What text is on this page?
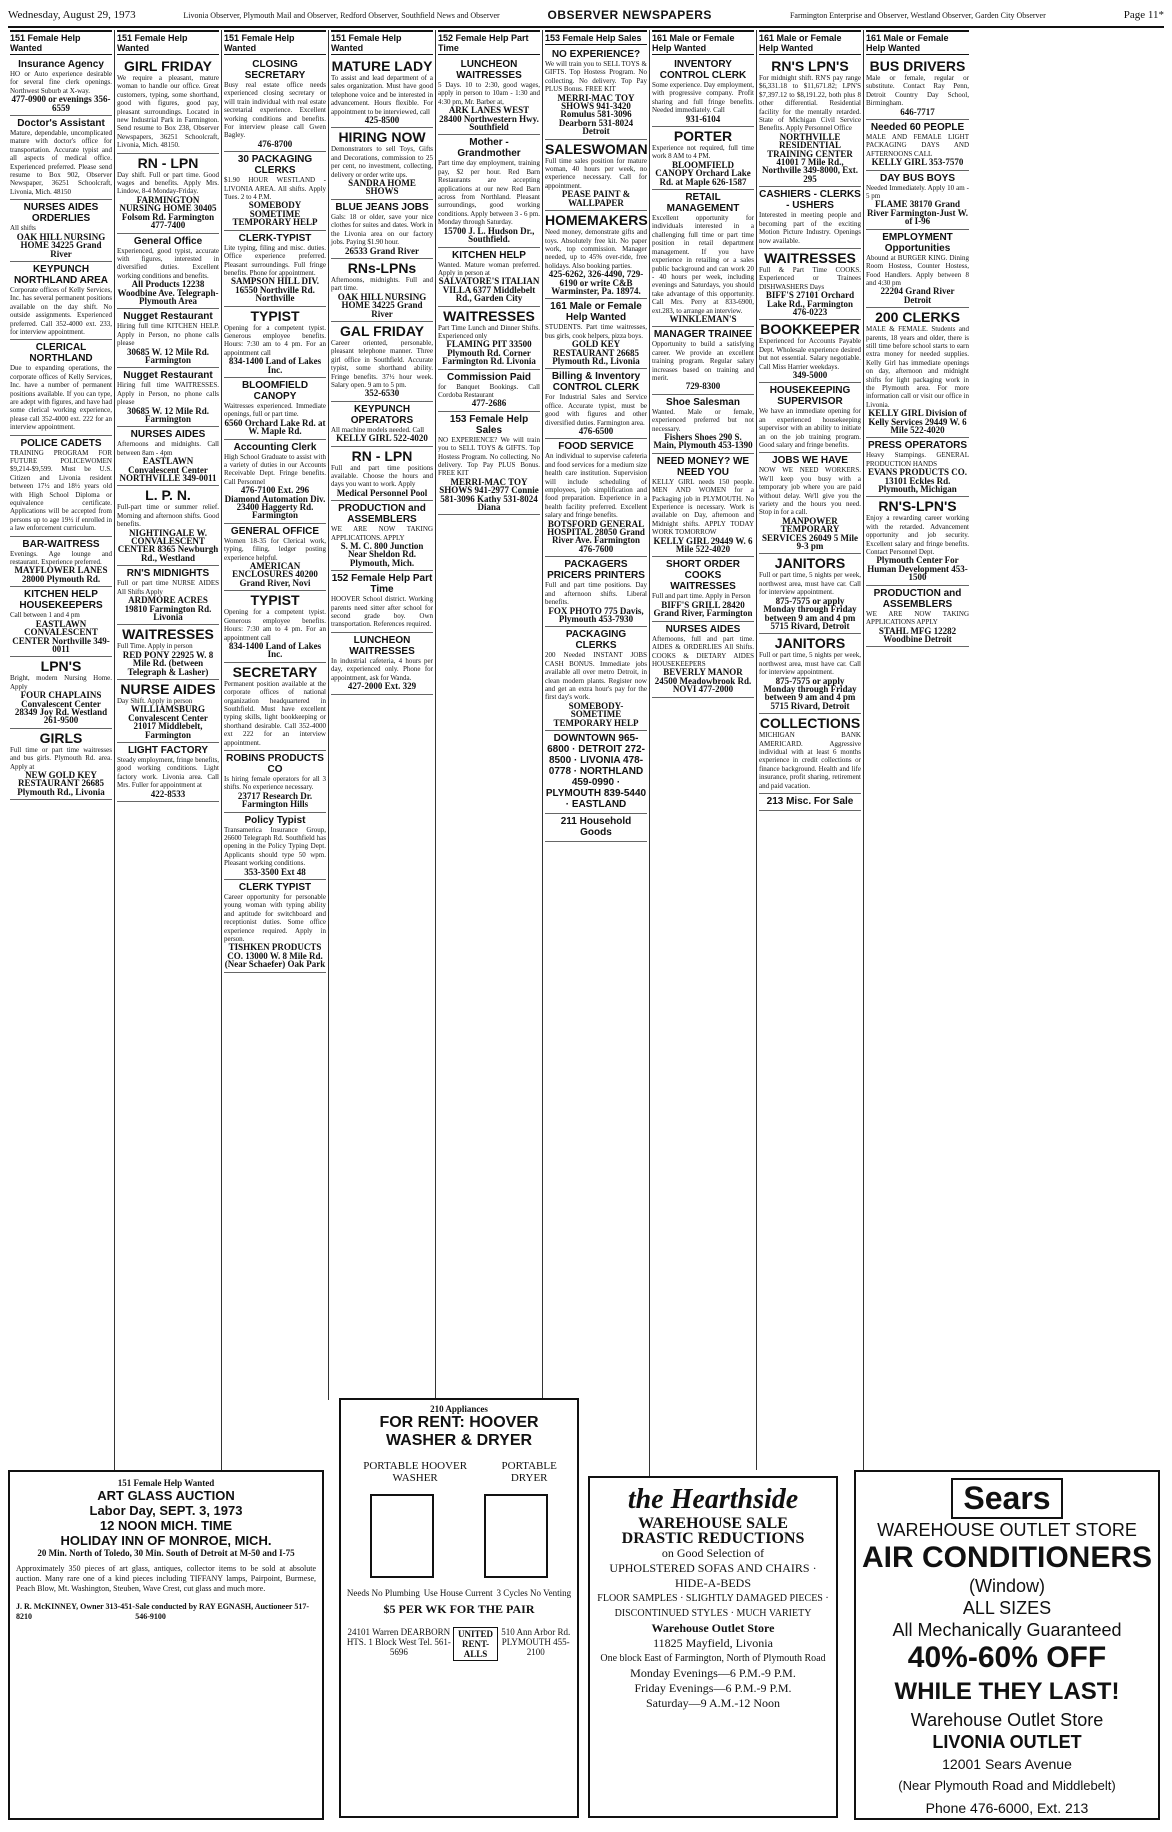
Wednesday, August 29, 1973	Livonia Observer, Plymouth Mail and Observer, Redford Observer, Southfield News and Observer	OBSERVER NEWSPAPERS	Farmington Enterprise and Observer, Westland Observer, Garden City Observer	Page 11*
151 Female Help Wanted
Insurance Agency
HO or Auto experience desirable for several fine clerk openings. Northwest Suburb at X-way.
477-0900 or evenings 356-6559
Doctor's Assistant
Mature, dependable, uncomplicated mature with doctor's office for transportation. Accurate typist and all aspects of medical office. Experienced preferred. Please send resume to Box 902, Observer Newspaper, 36251 Schoolcraft, Livonia, Mich. 48150
NURSES AIDES ORDERLIES
All shifts
OAK HILL NURSING HOME 34225 Grand River
KEYPUNCH NORTHLAND AREA
Corporate offices of Kelly Services, Inc. has several permanent positions available on the day shift. No outside assignments. Experienced preferred. Call 352-4000 ext. 233, for interview appointment.
CLERICAL NORTHLAND
Due to expanding operations, the corporate offices of Kelly Services, Inc. have a number of permanent positions available. If you can type, are adept with figures, and have had some clerical working experience, please call 352-4000 ext. 222 for an interview appointment.
POLICE CADETS
TRAINING PROGRAM FOR FUTURE POLICEWOMEN $9,214-$9,599. Must be U.S. Citizen and Livonia resident between 17½ and 18½ years old with High School Diploma or equivalence certificate. Applications will be accepted from persons up to age 19½ if enrolled in a law enforcement curriculum.
BAR-WAITRESS
Evenings. Age lounge and restaurant. Experience preferred.
MAYFLOWER LANES 28000 Plymouth Rd.
KITCHEN HELP HOUSEKEEPERS
Call between 1 and 4 pm
EASTLAWN CONVALESCENT CENTER Northville 349-0011
LPN'S
Bright, modern Nursing Home. Apply
FOUR CHAPLAINS Convalescent Center 28349 Joy Rd. Westland 261-9500
GIRLS
Full time or part time waitresses and bus girls. Plymouth Rd. area. Apply at
NEW GOLD KEY RESTAURANT 26685 Plymouth Rd., Livonia
151 Female Help Wanted
GIRL FRIDAY
We require a pleasant, mature woman to handle our office. Great customers, typing, some shorthand, good with figures, good pay, pleasant surroundings. Located in new Industrial Park in Farmington. Send resume to Box 238, Observer Newspapers, 36251 Schoolcraft, Livonia, Mich. 48150.
RN - LPN
Day shift. Full or part time. Good wages and benefits. Apply Mrs. Lindow, 8-4 Monday-Friday.
FARMINGTON NURSING HOME 30405 Folsom Rd. Farmington 477-7400
General Office
Experienced, good typist, accurate with figures, interested in diversified duties. Excellent working conditions and benefits.
All Products 12238 Woodbine Ave. Telegraph-Plymouth Area
Nugget Restaurant
Hiring full time KITCHEN HELP. Apply in Person, no phone calls please
30685 W. 12 Mile Rd. Farmington
Nugget Restaurant
Hiring full time WAITRESSES. Apply in Person, no phone calls please
30685 W. 12 Mile Rd. Farmington
NURSES AIDES
Afternoons and midnights. Call between 8am - 4pm
EASTLAWN Convalescent Center NORTHVILLE 349-0011
L. P. N.
Full-part time or summer relief. Morning and afternoon shifts. Good benefits.
NIGHTINGALE W. CONVALESCENT CENTER 8365 Newburgh Rd., Westland
RN'S MIDNIGHTS
Full or part time NURSE AIDES All Shifts Apply
ARDMORE ACRES 19810 Farmington Rd. Livonia
WAITRESSES
Full Time. Apply in person
RED PONY 22925 W. 8 Mile Rd. (between Telegraph & Lasher)
NURSE AIDES
Day Shift. Apply in person
WILLIAMSBURG Convalescent Center 21017 Middlebelt, Farmington
LIGHT FACTORY
Steady employment, fringe benefits, good working conditions. Light factory work. Livonia area. Call Mrs. Fuller for appointment at
422-8533
151 Female Help Wanted
CLOSING SECRETARY
Busy real estate office needs experienced closing secretary or will train individual with real estate secretarial experience. Excellent working conditions and benefits. For interview please call Gwen Bagley.
476-8700
30 PACKAGING CLERKS
$1.90 HOUR WESTLAND - LIVONIA AREA. All shifts. Apply Tues. 2 to 4 P.M.
SOMEBODY SOMETIME TEMPORARY HELP
CLERK-TYPIST
Lite typing, filing and misc. duties. Office experience preferred. Pleasant surroundings. Full fringe benefits. Phone for appointment.
SAMPSON HILL DIV. 16550 Northville Rd. Northville
TYPIST
Opening for a competent typist. Generous employee benefits. Hours: 7:30 am to 4 pm. For an appointment call
834-1400 Land of Lakes Inc.
BLOOMFIELD CANOPY
Waitresses experienced. Immediate openings, full or part time.
6560 Orchard Lake Rd. at W. Maple Rd.
Accounting Clerk
High School Graduate to assist with a variety of duties in our Accounts Receivable Dept. Fringe benefits. Call Personnel
476-7100 Ext. 296 Diamond Automation Div. 23400 Haggerty Rd. Farmington
GENERAL OFFICE
Women 18-35 for Clerical work, typing, filing, ledger posting experience helpful.
AMERICAN ENCLOSURES 40200 Grand River, Novi
TYPIST
Opening for a competent typist. Generous employee benefits. Hours: 7:30 am to 4 pm. For an appointment call
834-1400 Land of Lakes Inc.
SECRETARY
Permanent position available at the corporate offices of national organization headquartered in Southfield. Must have excellent typing skills, light bookkeeping or shorthand desirable. Call 352-4000 ext 222 for an interview appointment.
ROBINS PRODUCTS CO
Is hiring female operators for all 3 shifts. No experience necessary.
23717 Research Dr. Farmington Hills
Policy Typist
Transamerica Insurance Group, 26600 Telegraph Rd. Southfield has opening in the Policy Typing Dept. Applicants should type 50 wpm. Pleasant working conditions.
353-3500 Ext 48
CLERK TYPIST
Career opportunity for personable young woman with typing ability and aptitude for switchboard and receptionist duties. Some office experience required. Apply in person.
TISHKEN PRODUCTS CO. 13000 W. 8 Mile Rd. (Near Schaefer) Oak Park
151 Female Help Wanted
MATURE LADY
To assist and lead department of a sales organization. Must have good telephone voice and be interested in advancement. Hours flexible. For appointment to be interviewed, call
425-8500
HIRING NOW
Demonstrators to sell Toys, Gifts and Decorations, commission to 25 per cent, no investment, collecting, delivery or order write ups.
SANDRA HOME SHOWS
BLUE JEANS JOBS
Gals: 18 or older, save your nice clothes for suites and dates. Work in the Livonia area on our factory jobs. Paying $1.90 hour.
26533 Grand River
RNs-LPNs
Afternoons, midnights. Full and part time.
OAK HILL NURSING HOME 34225 Grand River
GAL FRIDAY
Career oriented, personable, pleasant telephone manner. Three girl office in Southfield. Accurate typist, some shorthand ability. Fringe benefits. 37½ hour week. Salary open. 9 am to 5 pm.
352-6530
KEYPUNCH OPERATORS
All machine models needed. Call
KELLY GIRL 522-4020
RN - LPN
Full and part time positions available. Choose the hours and days you want to work. Apply
Medical Personnel Pool
PRODUCTION and ASSEMBLERS
WE ARE NOW TAKING APPLICATIONS. APPLY
S. M. C. 800 Junction Near Sheldon Rd. Plymouth, Mich.
152 Female Help Part Time
HOOVER School district. Working parents need sitter after school for second grade boy. Own transportation. References required.
LUNCHEON WAITRESSES
In industrial cafeteria, 4 hours per day, experienced only. Phone for appointment, ask for Wanda.
427-2000 Ext. 329
152 Female Help Part Time
LUNCHEON WAITRESSES
5 Days. 10 to 2:30, good wages, apply in person to 10am - 1:30 and 4:30 pm, Mr. Barber at,
ARK LANES WEST 28400 Northwestern Hwy. Southfield
Mother - Grandmother
Part time day employment, training pay, $2 per hour. Red Barn Restaurants are accepting applications at our new Red Barn across from Northland. Pleasant surroundings, good working conditions. Apply between 3 - 6 pm. Monday through Saturday.
15700 J. L. Hudson Dr., Southfield.
KITCHEN HELP
Wanted. Mature woman preferred. Apply in person at
SALVATORE'S ITALIAN VILLA 6377 Middlebelt Rd., Garden City
WAITRESSES
Part Time Lunch and Dinner Shifts. Experienced only
FLAMING PIT 33500 Plymouth Rd. Corner Farmington Rd. Livonia
Commission Paid
for Banquet Bookings. Call Cordoba Restaurant
477-2686
153 Female Help Sales
NO EXPERIENCE? We will train you to SELL TOYS & GIFTS. Top Hostess Program. No collecting. No delivery. Top Pay PLUS Bonus. FREE KIT
MERRI-MAC TOY SHOWS 941-2977 Connie 581-3096 Kathy 531-8024 Diana
153 Female Help Sales
NO EXPERIENCE?
We will train you to SELL TOYS & GIFTS. Top Hostess Program. No collecting. No delivery. Top Pay PLUS Bonus. FREE KIT
MERRI-MAC TOY SHOWS 941-3420 Romulus 581-3096 Dearborn 531-8024 Detroit
SALESWOMAN
Full time sales position for mature woman, 40 hours per week, no experience necessary. Call for appointment.
PEASE PAINT & WALLPAPER
HOMEMAKERS
Need money, demonstrate gifts and toys. Absolutely free kit. No paper work, top commission. Manager needed, up to 45% over-ride, free holidays. Also booking parties.
425-6262, 326-4490, 729-6190 or write C&B Warminster, Pa. 18974.
161 Male or Female Help Wanted
STUDENTS. Part time waitresses, bus girls, cook helpers, pizza boys.
GOLD KEY RESTAURANT 26685 Plymouth Rd., Livonia
Billing & Inventory CONTROL CLERK
For Industrial Sales and Service office. Accurate typist, must be good with figures and other diversified duties. Farmington area.
476-6500
FOOD SERVICE
An individual to supervise cafeteria and food services for a medium size health care institution. Supervision will include scheduling of employees, job simplification and food preparation. Experience in a health facility preferred. Excellent salary and fringe benefits.
BOTSFORD GENERAL HOSPITAL 28050 Grand River Ave. Farmington 476-7600
PACKAGERS PRICERS PRINTERS
Full and part time positions. Day and afternoon shifts. Liberal benefits.
FOX PHOTO 775 Davis, Plymouth 453-7930
PACKAGING CLERKS
200 Needed INSTANT JOBS CASH BONUS. Immediate jobs available all over metro Detroit, in clean modern plants. Register now and get an extra hour's pay for the first day's work.
SOMEBODY-SOMETIME TEMPORARY HELP
DOWNTOWN 965-6800 · DETROIT 272-8500 · LIVONIA 478-0778 · NORTHLAND 459-0990 · PLYMOUTH 839-5440 · EASTLAND
211 Household Goods
161 Male or Female Help Wanted
INVENTORY CONTROL CLERK
Some experience. Day employment, with progressive company. Profit sharing and full fringe benefits. Needed immediately. Call
931-6104
PORTER
Experience not required, full time work 8 AM to 4 PM.
BLOOMFIELD CANOPY Orchard Lake Rd. at Maple 626-1587
RETAIL MANAGEMENT
Excellent opportunity for individuals interested in a challenging full time or part time position in retail department management. If you have experience in retailing or a sales public background and can work 20 - 40 hours per week, including evenings and Saturdays, you should take advantage of this opportunity. Call Mrs. Perry at 833-6900, ext.283, to arrange an interview.
WINKLEMAN'S
MANAGER TRAINEE
Opportunity to build a satisfying career. We provide an excellent training program. Regular salary increases based on training and merit.
729-8300
Shoe Salesman
Wanted. Male or female, experienced preferred but not necessary.
Fishers Shoes 290 S. Main, Plymouth 453-1390
NEED MONEY? WE NEED YOU
KELLY GIRL needs 150 people. MEN AND WOMEN for a Packaging job in PLYMOUTH. No Experience is necessary. Work is available on Day, afternoon and Midnight shifts. APPLY TODAY WORK TOMORROW
KELLY GIRL 29449 W. 6 Mile 522-4020
SHORT ORDER COOKS WAITRESSES
Full and part time. Apply in Person
BIFF'S GRILL 28420 Grand River, Farmington
NURSES AIDES
Afternoons, full and part time. AIDES & ORDERLIES All Shifts. COOKS & DIETARY AIDES HOUSEKEEPERS
BEVERLY MANOR 24500 Meadowbrook Rd. NOVI 477-2000
161 Male or Female Help Wanted
RN'S LPN'S
For midnight shift. RN'S pay range $6,331.18 to $11,671.82; LPN'S $7,397.12 to $8,191.22, both plus 8 other differential. Residential facility for the mentally retarded. State of Michigan Civil Service Benefits. Apply Personnel Office
NORTHVILLE RESIDENTIAL TRAINING CENTER 41001 7 Mile Rd., Northville 349-8000, Ext. 295
CASHIERS - CLERKS - USHERS
Interested in meeting people and becoming part of the exciting Motion Picture Industry. Openings now available.
WAITRESSES
Full & Part Time COOKS. Experienced or Trainees DISHWASHERS Days
BIFF'S 27101 Orchard Lake Rd., Farmington 476-0223
BOOKKEEPER
Experienced for Accounts Payable Dept. Wholesale experience desired but not essential. Salary negotiable. Call Miss Harrier weekdays.
349-5000
HOUSEKEEPING SUPERVISOR
We have an immediate opening for an experienced housekeeping supervisor with an ability to initiate an on the job training program. Good salary and fringe benefits.
JOBS WE HAVE
NOW WE NEED WORKERS. We'll keep you busy with a temporary job where you are paid without delay. We'll give you the variety and the hours you need. Stop in for a call.
MANPOWER TEMPORARY SERVICES 26049 5 Mile 9-3 pm
JANITORS
Full or part time, 5 nights per week, northwest area, must have car. Call for interview appointment.
875-7575 or apply Monday through Friday between 9 am and 4 pm 5715 Rivard, Detroit
JANITORS
Full or part time, 5 nights per week, northwest area, must have car. Call for interview appointment.
875-7575 or apply Monday through Friday between 9 am and 4 pm 5715 Rivard, Detroit
COLLECTIONS
MICHIGAN BANK AMERICARD. Aggressive individual with at least 6 months experience in credit collections or finance background. Health and life insurance, profit sharing, retirement and paid vacation.
213 Misc. For Sale
161 Male or Female Help Wanted
BUS DRIVERS
Male or female, regular or substitute. Contact Ray Penn, Detroit Country Day School, Birmingham.
646-7717
Needed 60 PEOPLE
MALE AND FEMALE LIGHT PACKAGING DAYS AND AFTERNOONS CALL
KELLY GIRL 353-7570
DAY BUS BOYS
Needed Immediately. Apply 10 am - 5 pm
FLAME 38170 Grand River Farmington-Just W. of I-96
EMPLOYMENT Opportunities
Abound at BURGER KING. Dining Room Hostess, Counter Hostess, Food Handlers. Apply between 8 and 4:30 pm
22204 Grand River Detroit
200 CLERKS
MALE & FEMALE. Students and parents, 18 years and older, there is still time before school starts to earn extra money for needed supplies. Kelly Girl has immediate openings on day, afternoon and midnight shifts for light packaging work in the Plymouth area. For more information call or visit our office in Livonia.
KELLY GIRL Division of Kelly Services 29449 W. 6 Mile 522-4020
PRESS OPERATORS
Heavy Stampings. GENERAL PRODUCTION HANDS
EVANS PRODUCTS CO. 13101 Eckles Rd. Plymouth, Michigan
RN'S-LPN'S
Enjoy a rewarding career working with the retarded. Advancement opportunity and job security. Excellent salary and fringe benefits. Contact Personnel Dept.
Plymouth Center For Human Development 453-1500
PRODUCTION and ASSEMBLERS
WE ARE NOW TAKING APPLICATIONS APPLY
STAHL MFG 12282 Woodbine Detroit
151 Female Help Wanted
ART GLASS AUCTION
Labor Day, SEPT. 3, 1973
12 NOON MICH. TIME
HOLIDAY INN OF MONROE, MICH.
20 Min. North of Toledo, 30 Min. South of Detroit at M-50 and I-75
Approximately 350 pieces of art glass, antiques, collector items to be sold at absolute auction. Many rare one of a kind pieces including TIFFANY lamps, Pairpoint, Burmese, Peach Blow, Mt. Washington, Steuben, Wave Crest, cut glass and much more.
J. R. McKINNEY, Owner 313-451-8210
Sale conducted by RAY EGNASH, Auctioneer 517-546-9100
210 Appliances
FOR RENT: HOOVER WASHER & DRYER
PORTABLE HOOVER WASHER
PORTABLE DRYER
Needs No Plumbing Use House Current 3 Cycles No Venting
$5 PER WK FOR THE PAIR
24101 Warren DEARBORN HTS. 1 Block West Tel. 561-5696
UNITED RENT-ALLS
510 Ann Arbor Rd. PLYMOUTH 455-2100
the Hearthside
WAREHOUSE SALE
DRASTIC REDUCTIONS
on Good Selection of
UPHOLSTERED SOFAS AND CHAIRS · HIDE-A-BEDS
FLOOR SAMPLES · SLIGHTLY DAMAGED PIECES · DISCONTINUED STYLES · MUCH VARIETY
Warehouse Outlet Store
11825 Mayfield, Livonia
One block East of Farmington, North of Plymouth Road
Monday Evenings—6 P.M.-9 P.M.
Friday Evenings—6 P.M.-9 P.M.
Saturday—9 A.M.-12 Noon
Sears
WAREHOUSE OUTLET STORE
AIR CONDITIONERS
(Window)
ALL SIZES
All Mechanically Guaranteed
40%-60% OFF
WHILE THEY LAST!
Warehouse Outlet Store
LIVONIA OUTLET
12001 Sears Avenue
(Near Plymouth Road and Middlebelt)
Phone 476-6000, Ext. 213
